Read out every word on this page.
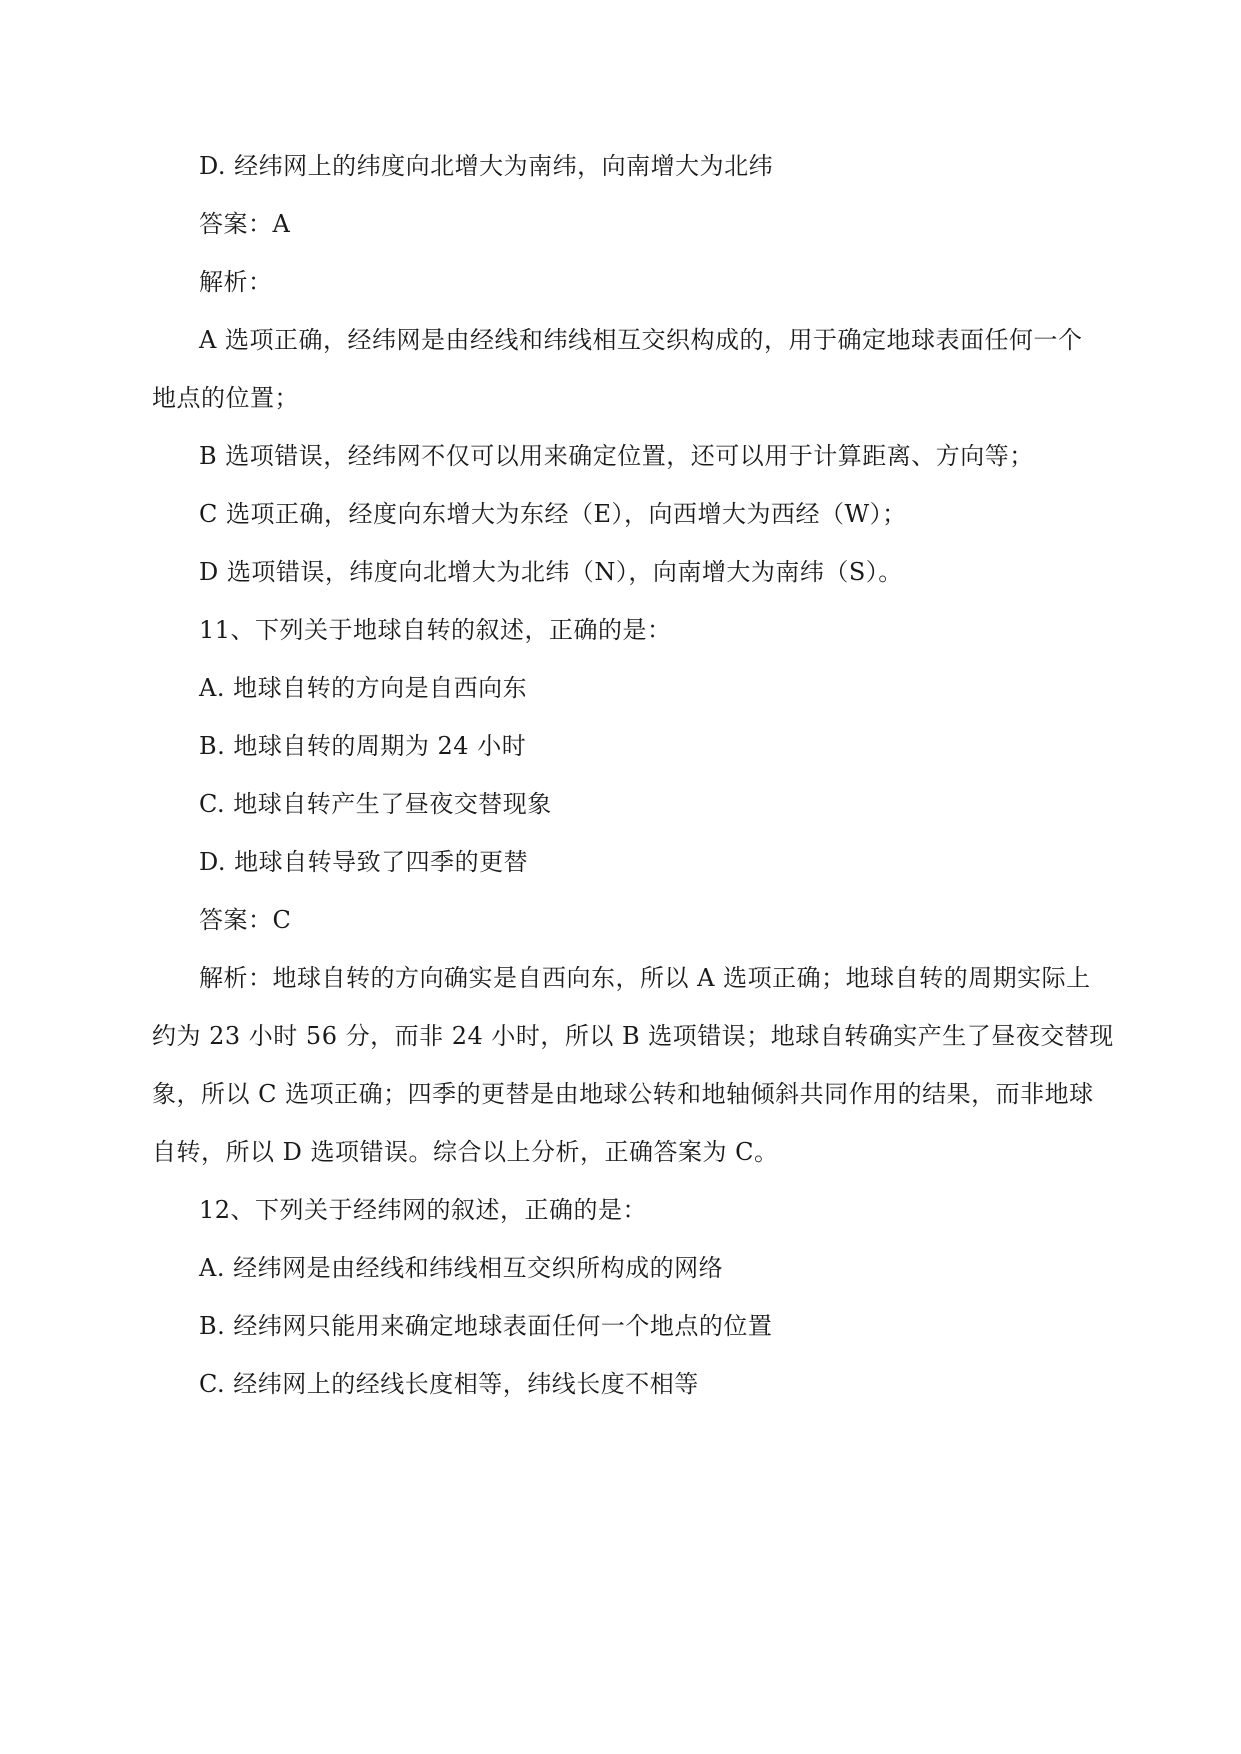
D. 经纬网上的纬度向北增大为南纬，向南增大为北纬
答案：A
解析：
A 选项正确，经纬网是由经线和纬线相互交织构成的，用于确定地球表面任何一个
地点的位置；
B 选项错误，经纬网不仅可以用来确定位置，还可以用于计算距离、方向等；
C 选项正确，经度向东增大为东经（E），向西增大为西经（W）；
D 选项错误，纬度向北增大为北纬（N），向南增大为南纬（S）。
11、下列关于地球自转的叙述，正确的是：
A. 地球自转的方向是自西向东
B. 地球自转的周期为 24 小时
C. 地球自转产生了昼夜交替现象
D. 地球自转导致了四季的更替
答案：C
解析：地球自转的方向确实是自西向东，所以 A 选项正确；地球自转的周期实际上
约为 23 小时 56 分，而非 24 小时，所以 B 选项错误；地球自转确实产生了昼夜交替现
象，所以 C 选项正确；四季的更替是由地球公转和地轴倾斜共同作用的结果，而非地球
自转，所以 D 选项错误。综合以上分析，正确答案为 C。
12、下列关于经纬网的叙述，正确的是：
A. 经纬网是由经线和纬线相互交织所构成的网络
B. 经纬网只能用来确定地球表面任何一个地点的位置
C. 经纬网上的经线长度相等，纬线长度不相等
